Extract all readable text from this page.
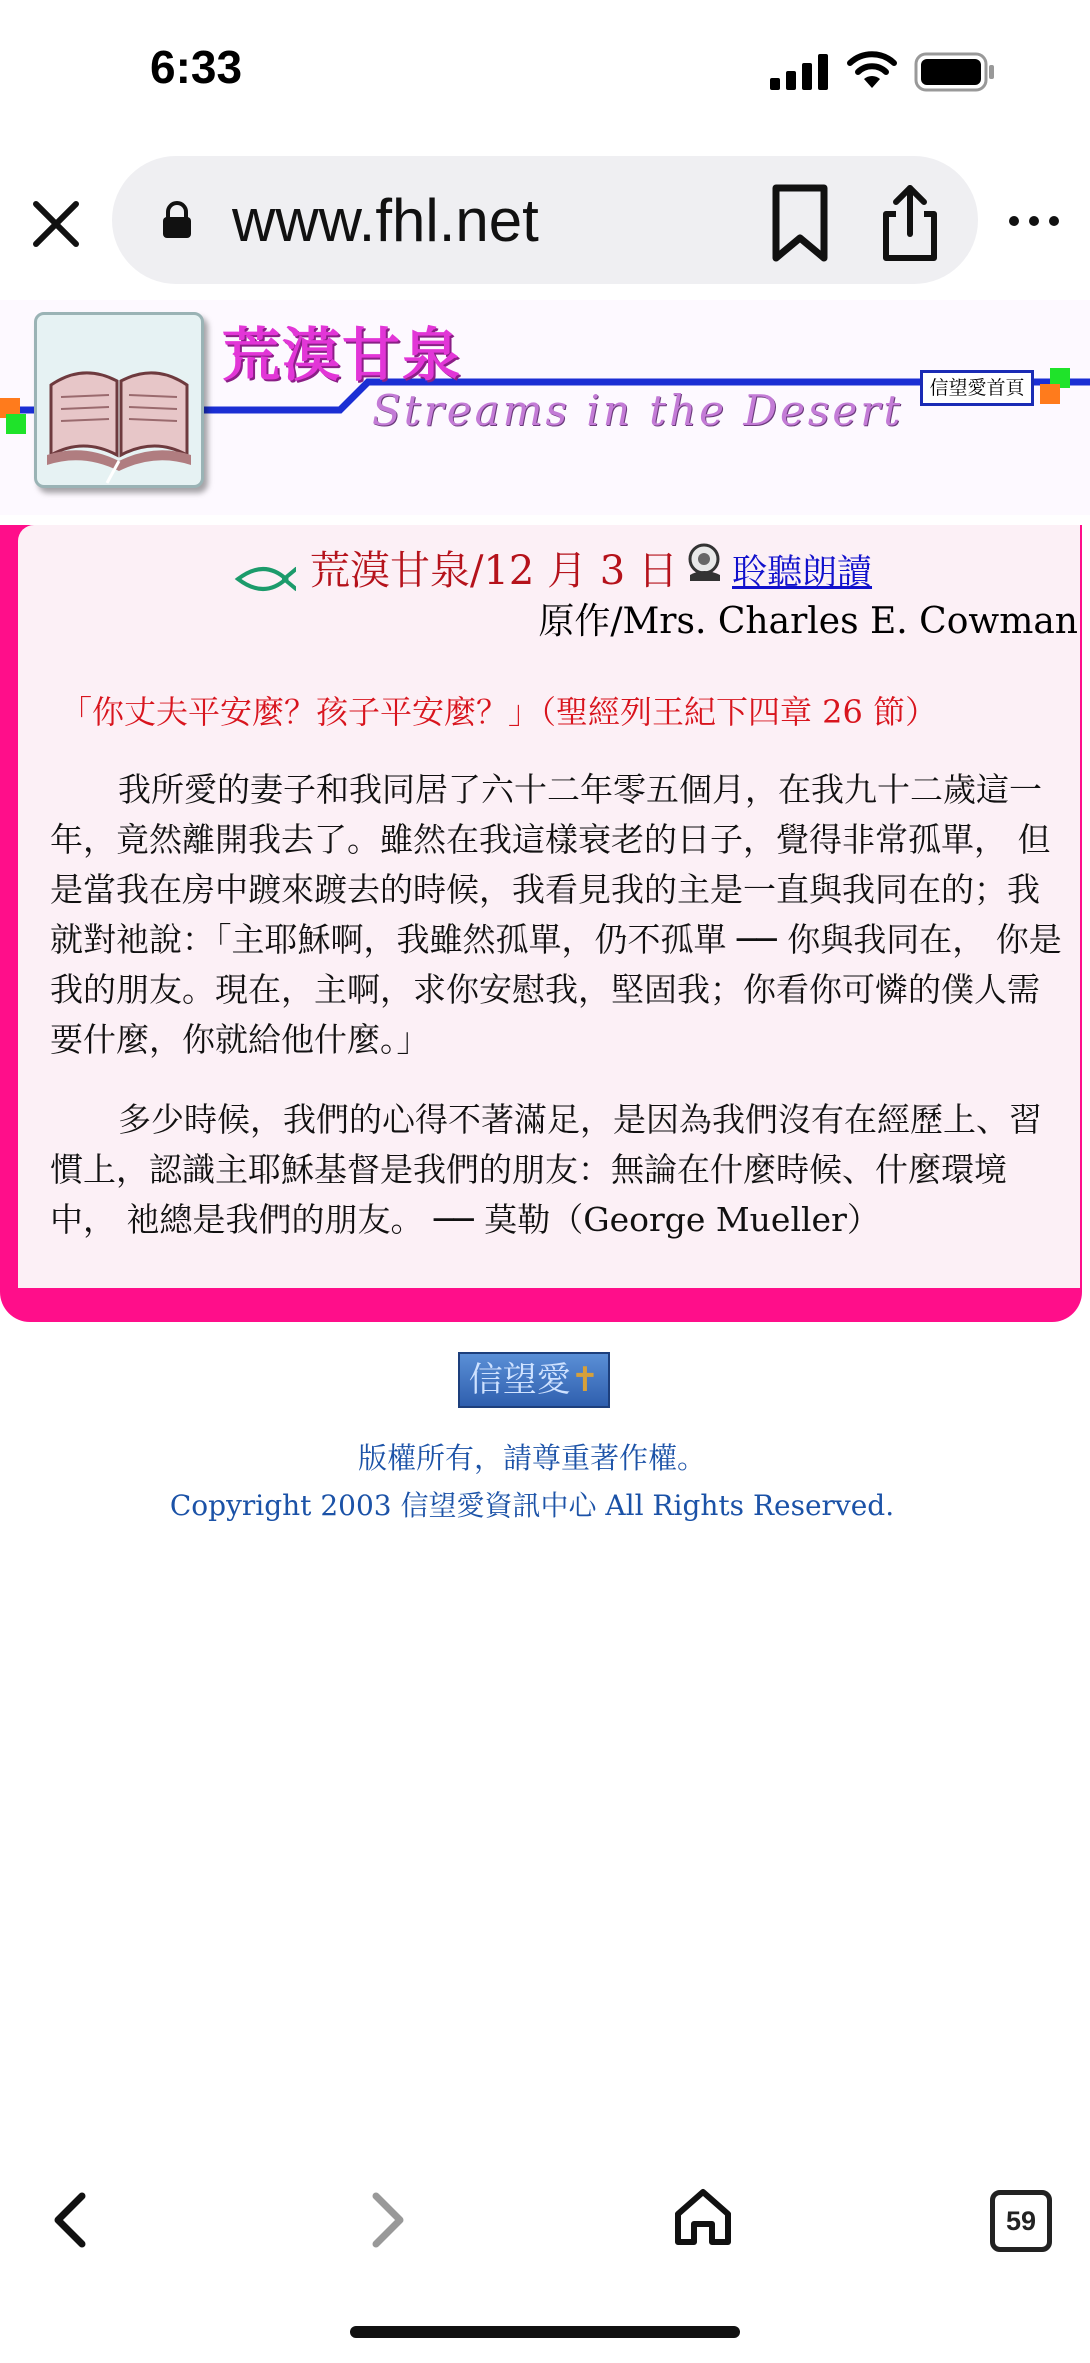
6:33
www.fhl.net
荒漠甘泉
Streams in the Desert	信望愛首頁
荒漠甘泉/12 月 3 日 聆聽朗讀
原作/Mrs. Charles E. Cowman
「你丈夫平安麼？孩子平安麼？」（聖經列王紀下四章 26 節）

我所愛的妻子和我同居了六十二年零五個月，在我九十二歲這一年，竟然離開我去了。雖然在我這樣衰老的日子，覺得非常孤單， 但是當我在房中踱來踱去的時候，我看見我的主是一直與我同在的；我就對祂說：「主耶穌啊，我雖然孤單，仍不孤單 ── 你與我同在， 你是我的朋友。現在，主啊，求你安慰我，堅固我；你看你可憐的僕人需要什麼，你就給他什麼。」

多少時候，我們的心得不著滿足，是因為我們沒有在經歷上、習慣上，認識主耶穌基督是我們的朋友：無論在什麼時候、什麼環境中， 祂總是我們的朋友。 ── 莫勒（George Mueller）

信望愛✝
版權所有，請尊重著作權。
Copyright 2003 信望愛資訊中心 All Rights Reserved.
59
